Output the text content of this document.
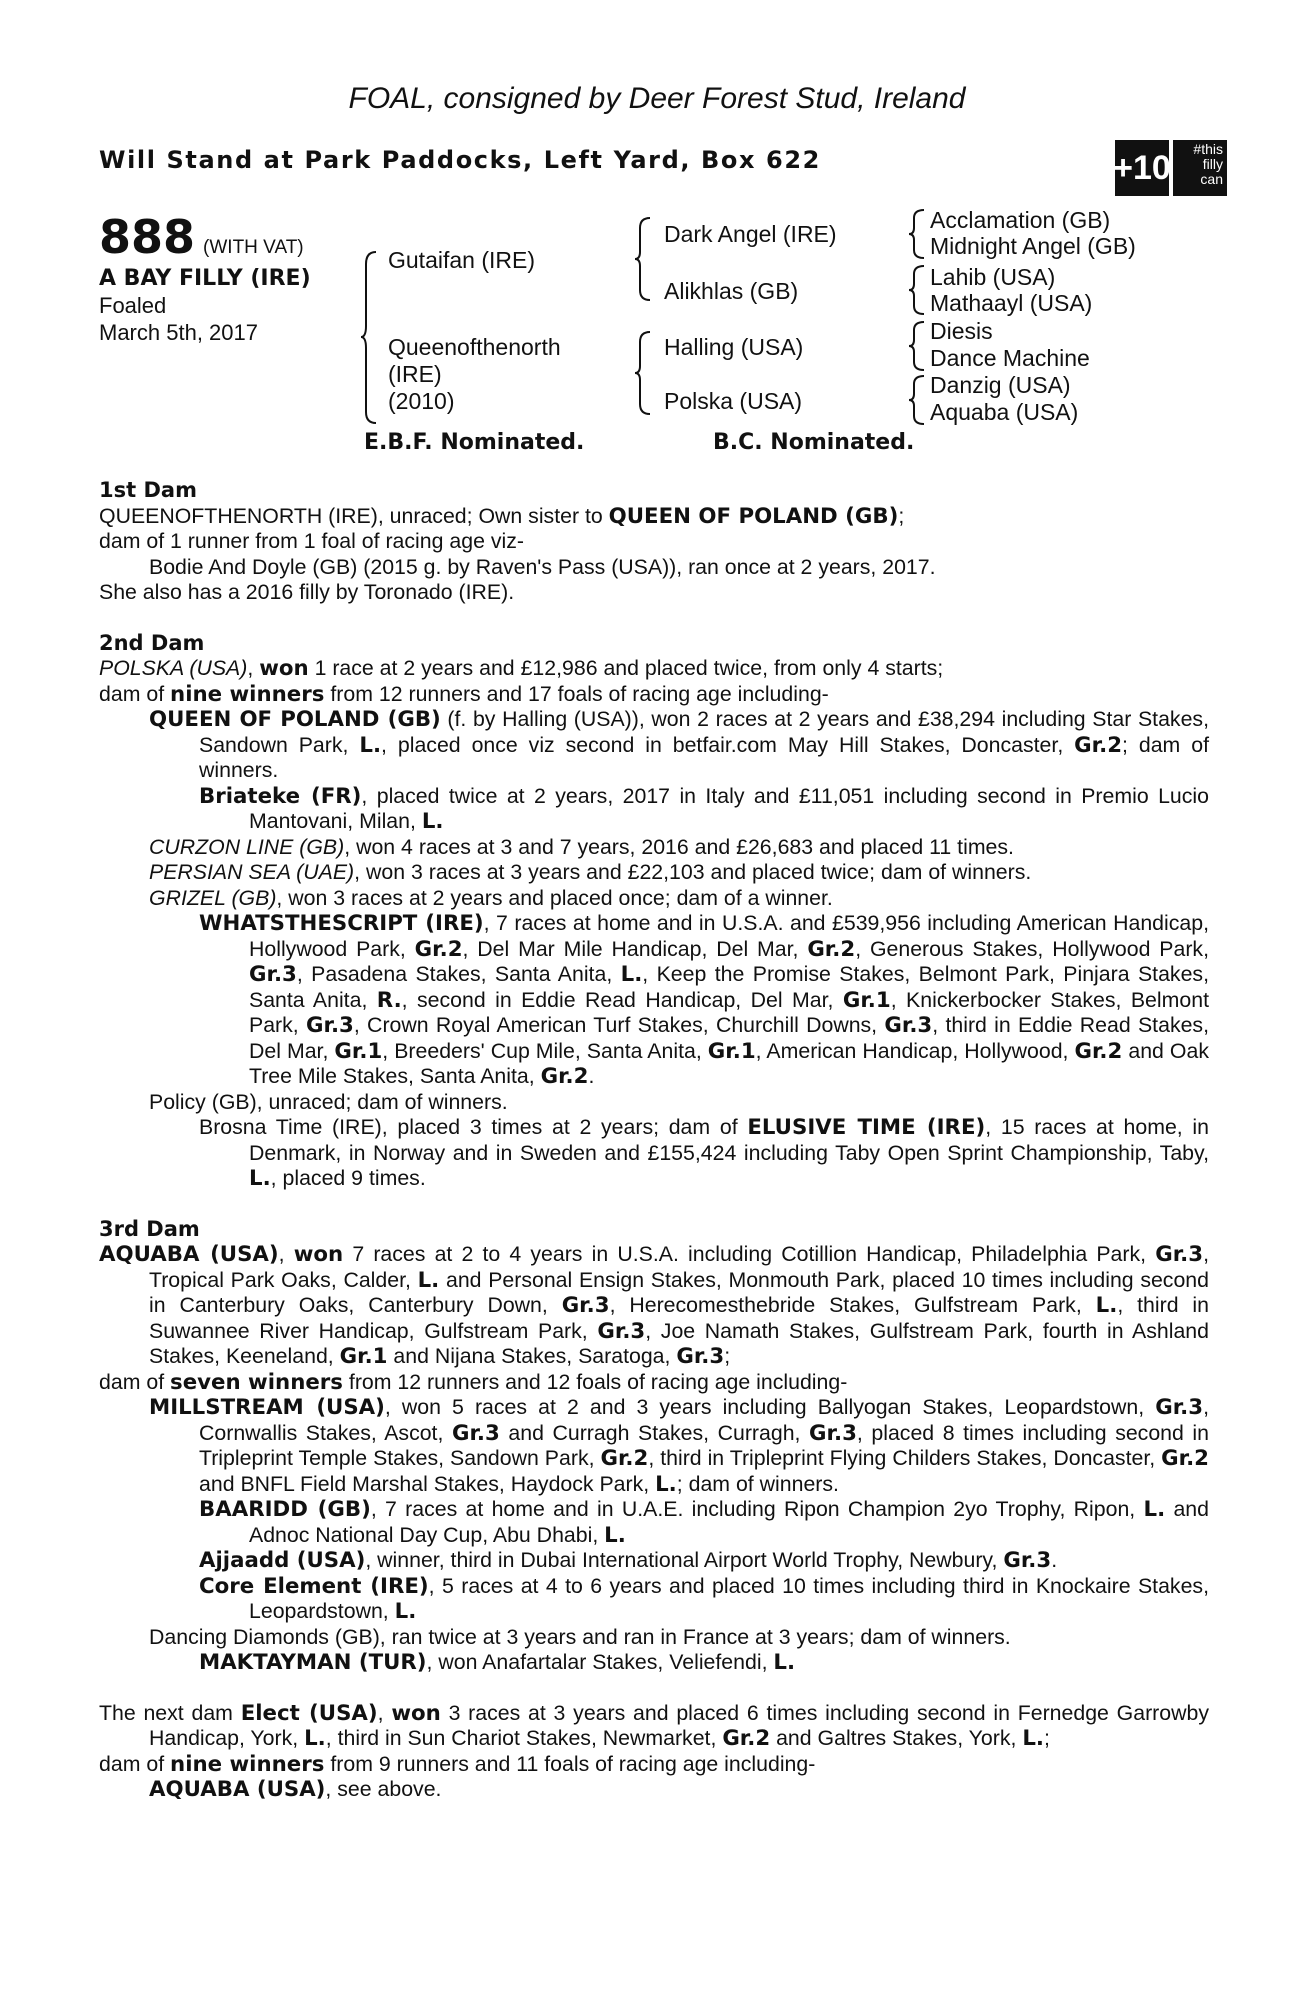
FOAL, consigned by Deer Forest Stud, Ireland
Will Stand at Park Paddocks, Left Yard, Box 622	+10	#this
filly
can
888 (WITH VAT)
A BAY FILLY (IRE)
Foaled
March 5th, 2017
Gutaifan (IRE)
Queenofthenorth
(IRE)
(2010)
Dark Angel (IRE)
Alikhlas (GB)
Halling (USA)
Polska (USA)
Acclamation (GB)
Midnight Angel (GB)
Lahib (USA)
Mathaayl (USA)
Diesis
Dance Machine
Danzig (USA)
Aquaba (USA)
E.B.F. Nominated.	B.C. Nominated.

1st Dam

QUEENOFTHENORTH (IRE), unraced; Own sister to QUEEN OF POLAND (GB);

dam of 1 runner from 1 foal of racing age viz-

Bodie And Doyle (GB) (2015 g. by Raven's Pass (USA)), ran once at 2 years, 2017.

She also has a 2016 filly by Toronado (IRE).

2nd Dam

POLSKA (USA), won 1 race at 2 years and £12,986 and placed twice, from only 4 starts;

dam of nine winners from 12 runners and 17 foals of racing age including-

QUEEN OF POLAND (GB) (f. by Halling (USA)), won 2 races at 2 years and £38,294 including Star Stakes, Sandown Park, L., placed once viz second in betfair.com May Hill Stakes, Doncaster, Gr.2; dam of winners.

Briateke (FR), placed twice at 2 years, 2017 in Italy and £11,051 including second in Premio Lucio Mantovani, Milan, L.

CURZON LINE (GB), won 4 races at 3 and 7 years, 2016 and £26,683 and placed 11 times.

PERSIAN SEA (UAE), won 3 races at 3 years and £22,103 and placed twice; dam of winners.

GRIZEL (GB), won 3 races at 2 years and placed once; dam of a winner.

WHATSTHESCRIPT (IRE), 7 races at home and in U.S.A. and £539,956 including American Handicap, Hollywood Park, Gr.2, Del Mar Mile Handicap, Del Mar, Gr.2, Generous Stakes, Hollywood Park, Gr.3, Pasadena Stakes, Santa Anita, L., Keep the Promise Stakes, Belmont Park, Pinjara Stakes, Santa Anita, R., second in Eddie Read Handicap, Del Mar, Gr.1, Knickerbocker Stakes, Belmont Park, Gr.3, Crown Royal American Turf Stakes, Churchill Downs, Gr.3, third in Eddie Read Stakes, Del Mar, Gr.1, Breeders' Cup Mile, Santa Anita, Gr.1, American Handicap, Hollywood, Gr.2 and Oak Tree Mile Stakes, Santa Anita, Gr.2.

Policy (GB), unraced; dam of winners.

Brosna Time (IRE), placed 3 times at 2 years; dam of ELUSIVE TIME (IRE), 15 races at home, in Denmark, in Norway and in Sweden and £155,424 including Taby Open Sprint Championship, Taby, L., placed 9 times.

3rd Dam

AQUABA (USA), won 7 races at 2 to 4 years in U.S.A. including Cotillion Handicap, Philadelphia Park, Gr.3, Tropical Park Oaks, Calder, L. and Personal Ensign Stakes, Monmouth Park, placed 10 times including second in Canterbury Oaks, Canterbury Down, Gr.3, Herecomesthebride Stakes, Gulfstream Park, L., third in Suwannee River Handicap, Gulfstream Park, Gr.3, Joe Namath Stakes, Gulfstream Park, fourth in Ashland Stakes, Keeneland, Gr.1 and Nijana Stakes, Saratoga, Gr.3;

dam of seven winners from 12 runners and 12 foals of racing age including-

MILLSTREAM (USA), won 5 races at 2 and 3 years including Ballyogan Stakes, Leopardstown, Gr.3, Cornwallis Stakes, Ascot, Gr.3 and Curragh Stakes, Curragh, Gr.3, placed 8 times including second in Tripleprint Temple Stakes, Sandown Park, Gr.2, third in Tripleprint Flying Childers Stakes, Doncaster, Gr.2 and BNFL Field Marshal Stakes, Haydock Park, L.; dam of winners.

BAARIDD (GB), 7 races at home and in U.A.E. including Ripon Champion 2yo Trophy, Ripon, L. and Adnoc National Day Cup, Abu Dhabi, L.

Ajjaadd (USA), winner, third in Dubai International Airport World Trophy, Newbury, Gr.3.

Core Element (IRE), 5 races at 4 to 6 years and placed 10 times including third in Knockaire Stakes, Leopardstown, L.

Dancing Diamonds (GB), ran twice at 3 years and ran in France at 3 years; dam of winners.

MAKTAYMAN (TUR), won Anafartalar Stakes, Veliefendi, L.

The next dam Elect (USA), won 3 races at 3 years and placed 6 times including second in Fernedge Garrowby Handicap, York, L., third in Sun Chariot Stakes, Newmarket, Gr.2 and Galtres Stakes, York, L.;

dam of nine winners from 9 runners and 11 foals of racing age including-

AQUABA (USA), see above.
